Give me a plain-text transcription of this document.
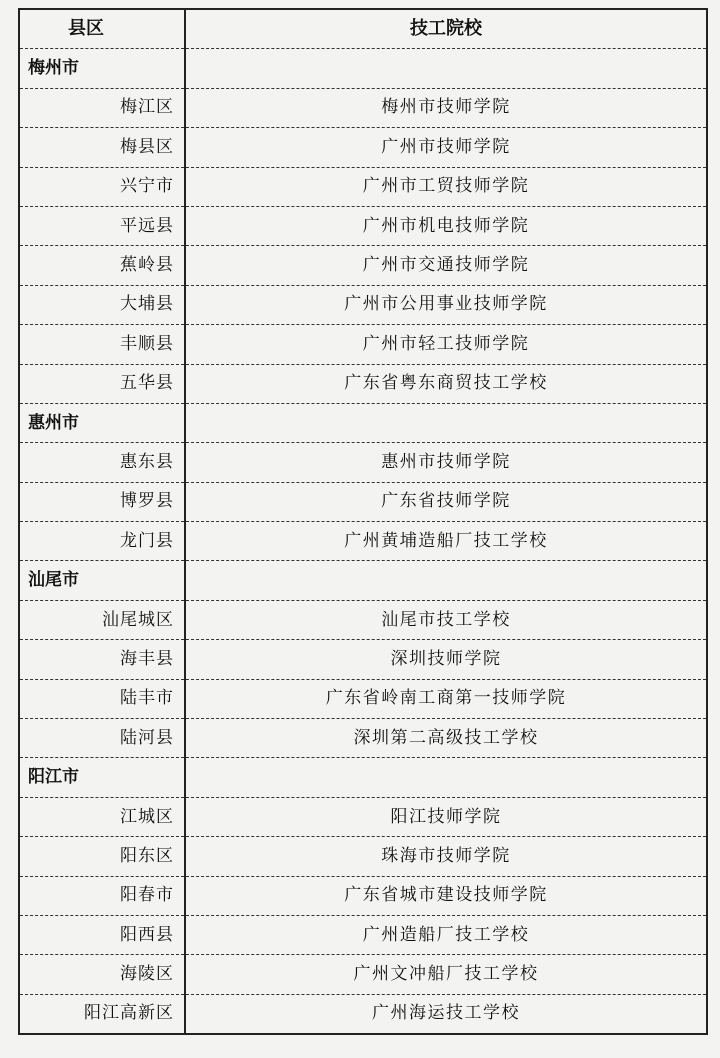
县区	技工院校
梅州市	
梅江区	梅州市技师学院
梅县区	广州市技师学院
兴宁市	广州市工贸技师学院
平远县	广州市机电技师学院
蕉岭县	广州市交通技师学院
大埔县	广州市公用事业技师学院
丰顺县	广州市轻工技师学院
五华县	广东省粤东商贸技工学校
惠州市	
惠东县	惠州市技师学院
博罗县	广东省技师学院
龙门县	广州黄埔造船厂技工学校
汕尾市	
汕尾城区	汕尾市技工学校
海丰县	深圳技师学院
陆丰市	广东省岭南工商第一技师学院
陆河县	深圳第二高级技工学校
阳江市	
江城区	阳江技师学院
阳东区	珠海市技师学院
阳春市	广东省城市建设技师学院
阳西县	广州造船厂技工学校
海陵区	广州文冲船厂技工学校
阳江高新区	广州海运技工学校
